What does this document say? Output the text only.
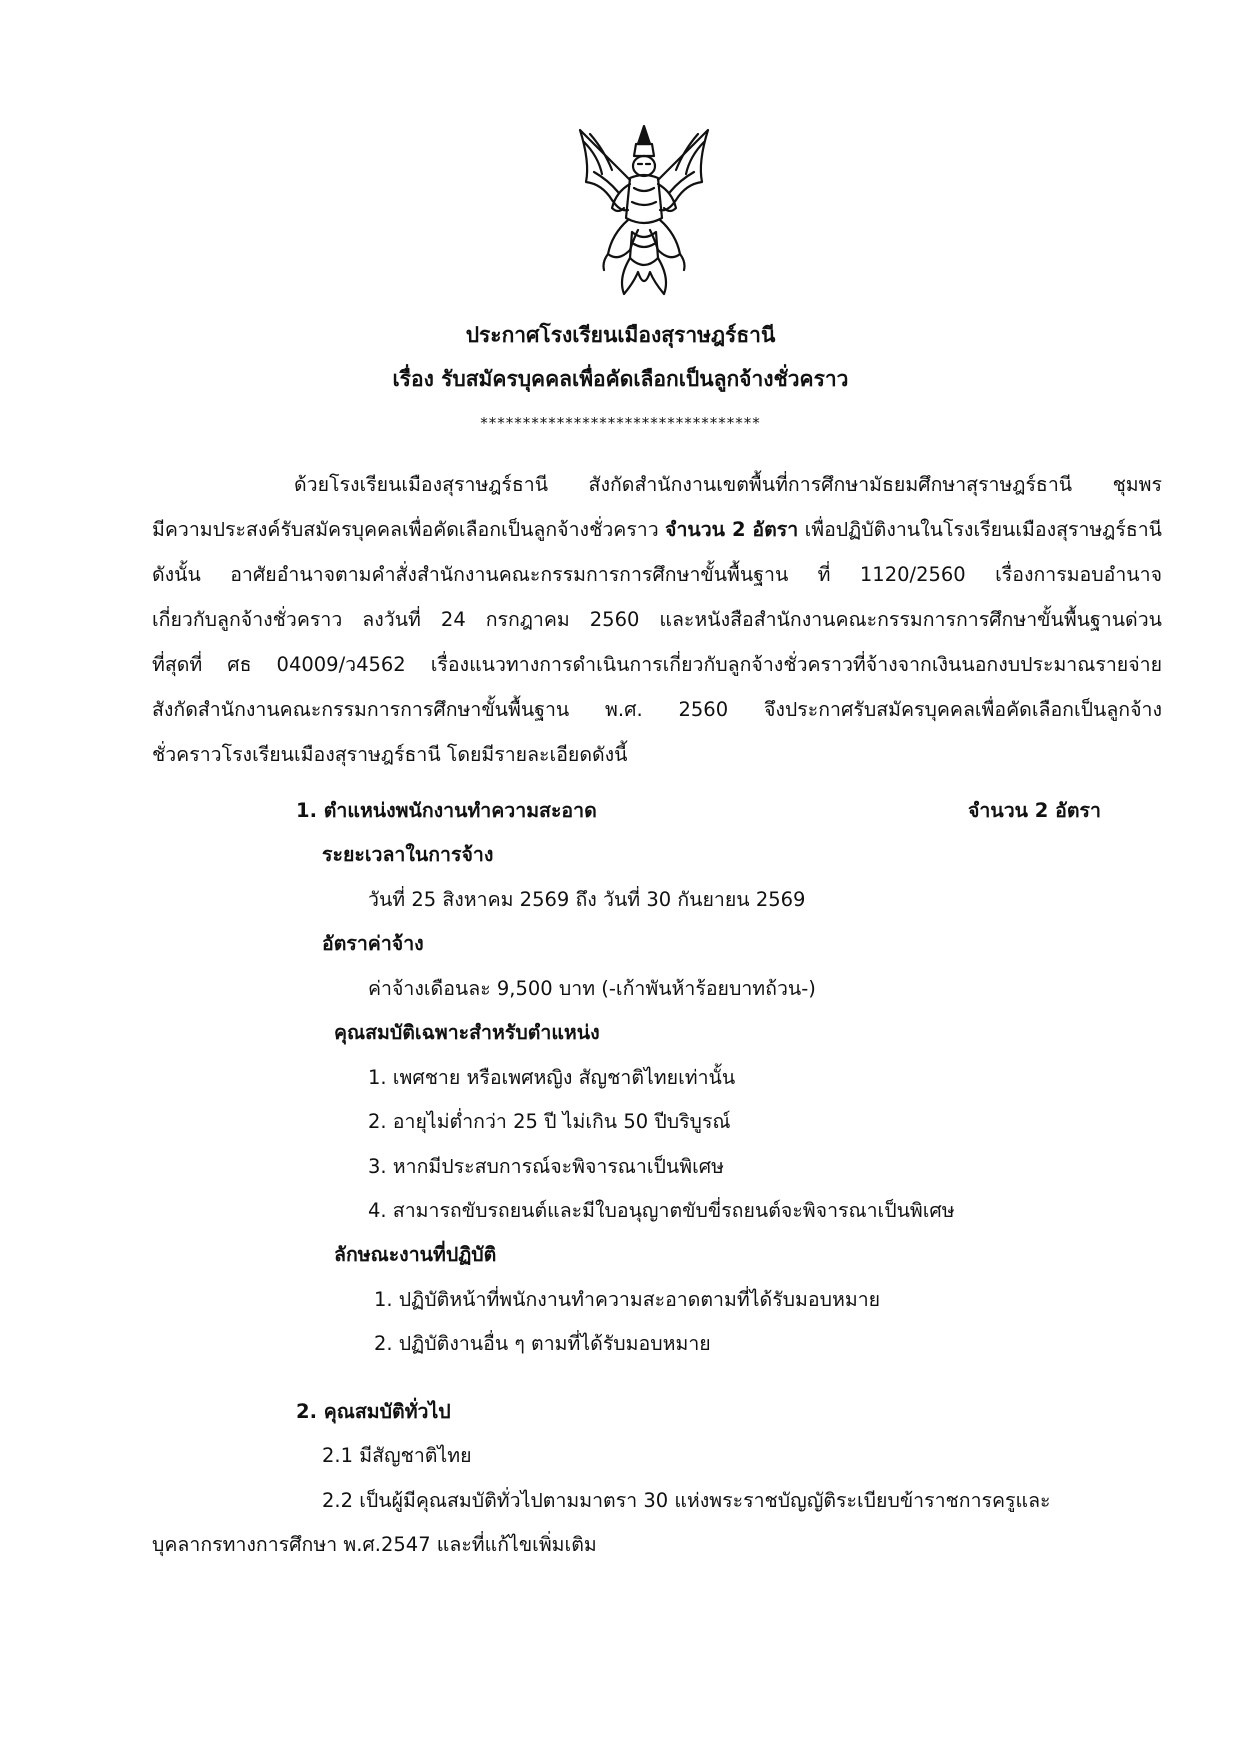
ประกาศโรงเรียนเมืองสุราษฎร์ธานี
เรื่อง รับสมัครบุคคลเพื่อคัดเลือกเป็นลูกจ้างชั่วคราว
*********************************
ด้วยโรงเรียนเมืองสุราษฎร์ธานี สังกัดสำนักงานเขตพื้นที่การศึกษามัธยมศึกษาสุราษฎร์ธานี ชุมพร
มีความประสงค์รับสมัครบุคคลเพื่อคัดเลือกเป็นลูกจ้างชั่วคราว จำนวน 2 อัตรา เพื่อปฏิบัติงานในโรงเรียนเมืองสุราษฎร์ธานี
ดังนั้น อาศัยอำนาจตามคำสั่งสำนักงานคณะกรรมการการศึกษาขั้นพื้นฐาน ที่ 1120/2560 เรื่องการมอบอำนาจ
เกี่ยวกับลูกจ้างชั่วคราว ลงวันที่ 24 กรกฎาคม 2560 และหนังสือสำนักงานคณะกรรมการการศึกษาขั้นพื้นฐานด่วน
ที่สุดที่ ศธ 04009/ว4562 เรื่องแนวทางการดำเนินการเกี่ยวกับลูกจ้างชั่วคราวที่จ้างจากเงินนอกงบประมาณรายจ่าย
สังกัดสำนักงานคณะกรรมการการศึกษาขั้นพื้นฐาน พ.ศ. 2560 จึงประกาศรับสมัครบุคคลเพื่อคัดเลือกเป็นลูกจ้าง
ชั่วคราวโรงเรียนเมืองสุราษฎร์ธานี โดยมีรายละเอียดดังนี้
1. ตำแหน่งพนักงานทำความสะอาด	จำนวน 2 อัตรา
ระยะเวลาในการจ้าง
วันที่ 25 สิงหาคม 2569 ถึง วันที่ 30 กันยายน 2569
อัตราค่าจ้าง
ค่าจ้างเดือนละ 9,500 บาท (-เก้าพันห้าร้อยบาทถ้วน-)
คุณสมบัติเฉพาะสำหรับตำแหน่ง
1. เพศชาย หรือเพศหญิง สัญชาติไทยเท่านั้น
2. อายุไม่ต่ำกว่า 25 ปี ไม่เกิน 50 ปีบริบูรณ์
3. หากมีประสบการณ์จะพิจารณาเป็นพิเศษ
4. สามารถขับรถยนต์และมีใบอนุญาตขับขี่รถยนต์จะพิจารณาเป็นพิเศษ
ลักษณะงานที่ปฏิบัติ
1. ปฏิบัติหน้าที่พนักงานทำความสะอาดตามที่ได้รับมอบหมาย
2. ปฏิบัติงานอื่น ๆ ตามที่ได้รับมอบหมาย
2. คุณสมบัติทั่วไป
2.1 มีสัญชาติไทย
2.2 เป็นผู้มีคุณสมบัติทั่วไปตามมาตรา 30 แห่งพระราชบัญญัติระเบียบข้าราชการครูและ
บุคลากรทางการศึกษา พ.ศ.2547 และที่แก้ไขเพิ่มเติม
